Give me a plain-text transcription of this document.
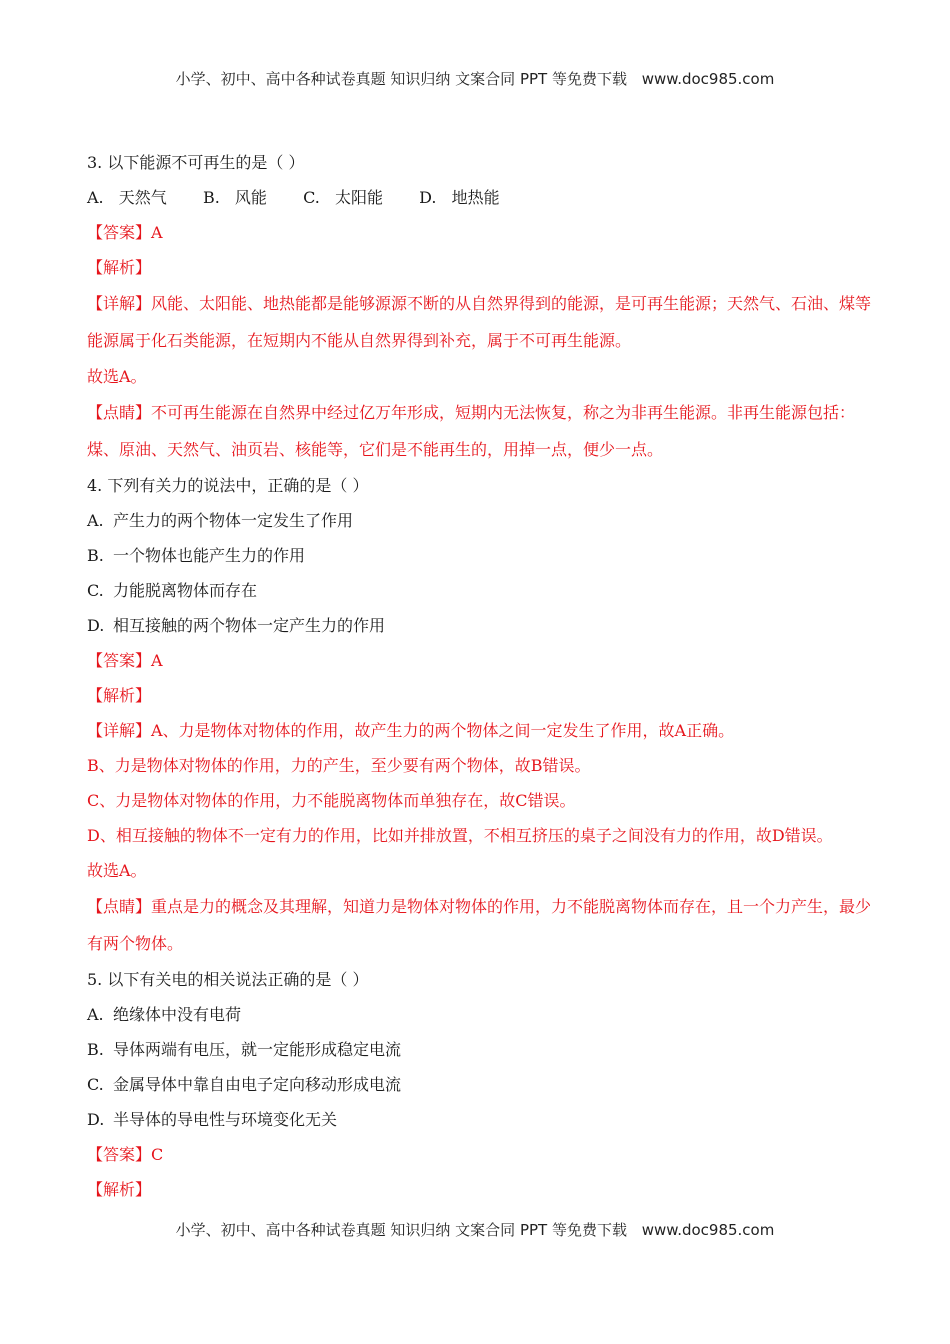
小学、初中、高中各种试卷真题 知识归纳 文案合同 PPT 等免费下载 www.doc985.com
3. 以下能源不可再生的是（ ）
A. 天然气 B. 风能 C. 太阳能 D. 地热能
【答案】A
【解析】
【详解】风能、太阳能、地热能都是能够源源不断的从自然界得到的能源，是可再生能源；天然气、石油、煤等能源属于化石类能源，在短期内不能从自然界得到补充，属于不可再生能源。
故选A。
【点睛】不可再生能源在自然界中经过亿万年形成，短期内无法恢复，称之为非再生能源。非再生能源包括：煤、原油、天然气、油页岩、核能等，它们是不能再生的，用掉一点，便少一点。
4. 下列有关力的说法中，正确的是（ ）
A. 产生力的两个物体一定发生了作用
B. 一个物体也能产生力的作用
C. 力能脱离物体而存在
D. 相互接触的两个物体一定产生力的作用
【答案】A
【解析】
【详解】A、力是物体对物体的作用，故产生力的两个物体之间一定发生了作用，故A正确。
B、力是物体对物体的作用，力的产生，至少要有两个物体，故B错误。
C、力是物体对物体的作用，力不能脱离物体而单独存在，故C错误。
D、相互接触的物体不一定有力的作用，比如并排放置，不相互挤压的桌子之间没有力的作用，故D错误。
故选A。
【点睛】重点是力的概念及其理解，知道力是物体对物体的作用，力不能脱离物体而存在，且一个力产生，最少有两个物体。
5. 以下有关电的相关说法正确的是（ ）
A. 绝缘体中没有电荷
B. 导体两端有电压，就一定能形成稳定电流
C. 金属导体中靠自由电子定向移动形成电流
D. 半导体的导电性与环境变化无关
【答案】C
【解析】
小学、初中、高中各种试卷真题 知识归纳 文案合同 PPT 等免费下载 www.doc985.com
